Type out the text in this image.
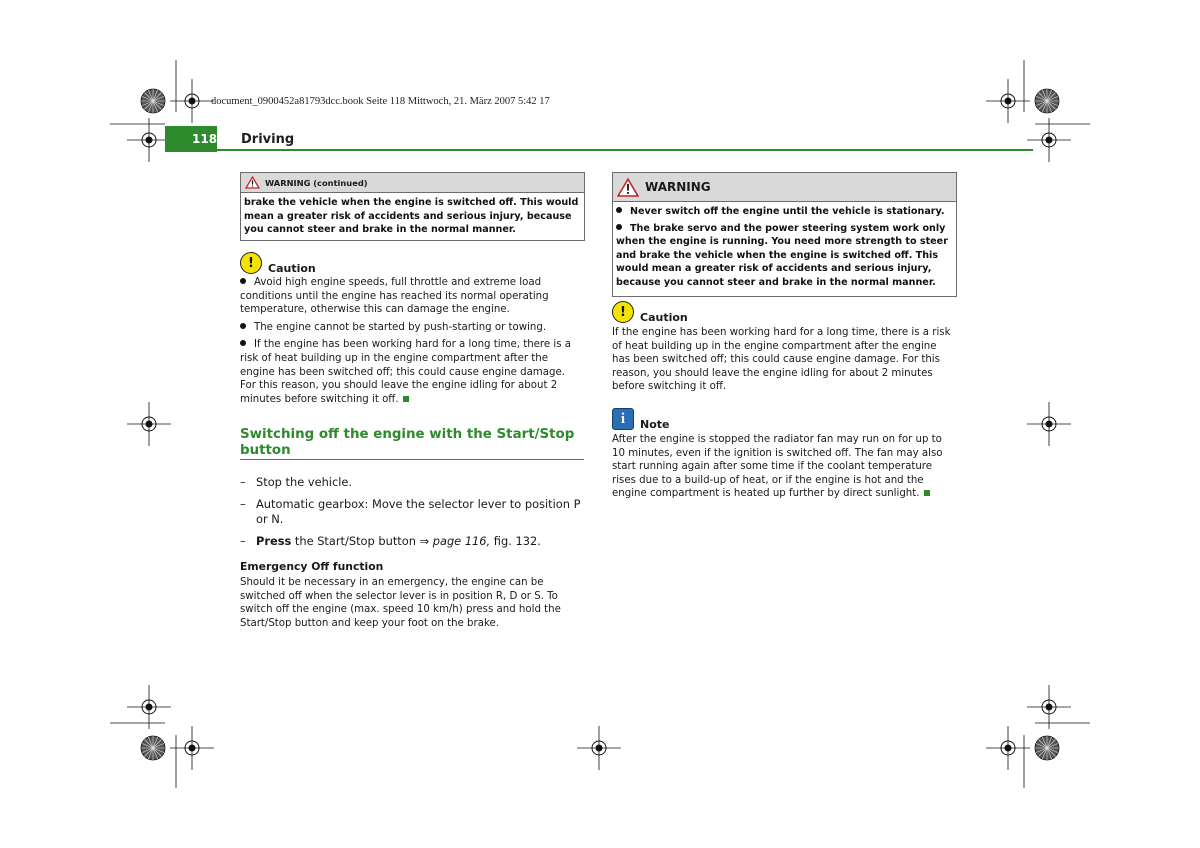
document_0900452a81793dcc.book Seite 118 Mittwoch, 21. März 2007 5:42 17
118 Driving
WARNING (continued)
brake the vehicle when the engine is switched off. This would mean a greater risk of accidents and serious injury, because you cannot steer and brake in the normal manner.
!	Caution

Avoid high engine speeds, full throttle and extreme load conditions until the engine has reached its normal operating temperature, otherwise this can damage the engine.

The engine cannot be started by push-starting or towing.

If the engine has been working hard for a long time, there is a risk of heat building up in the engine compartment after the engine has been switched off; this could cause engine damage. For this reason, you should leave the engine idling for about 2 minutes before switching it off.

Switching off the engine with the Start/Stop button
– Stop the vehicle.
– Automatic gearbox: Move the selector lever to position P or N.
– Press the Start/Stop button ⇒ page 116, fig. 132.
Emergency Off function
Should it be necessary in an emergency, the engine can be switched off when the selector lever is in position R, D or S. To switch off the engine (max. speed 10 km/h) press and hold the Start/Stop button and keep your foot on the brake.
WARNING

Never switch off the engine until the vehicle is stationary.

The brake servo and the power steering system work only when the engine is running. You need more strength to steer and brake the vehicle when the engine is switched off. This would mean a greater risk of accidents and serious injury, because you cannot steer and brake in the normal manner.

!	Caution
If the engine has been working hard for a long time, there is a risk of heat building up in the engine compartment after the engine has been switched off; this could cause engine damage. For this reason, you should leave the engine idling for about 2 minutes before switching it off.
i	Note
After the engine is stopped the radiator fan may run on for up to 10 minutes, even if the ignition is switched off. The fan may also start running again after some time if the coolant temperature rises due to a build-up of heat, or if the engine is hot and the engine compartment is heated up further by direct sunlight.
